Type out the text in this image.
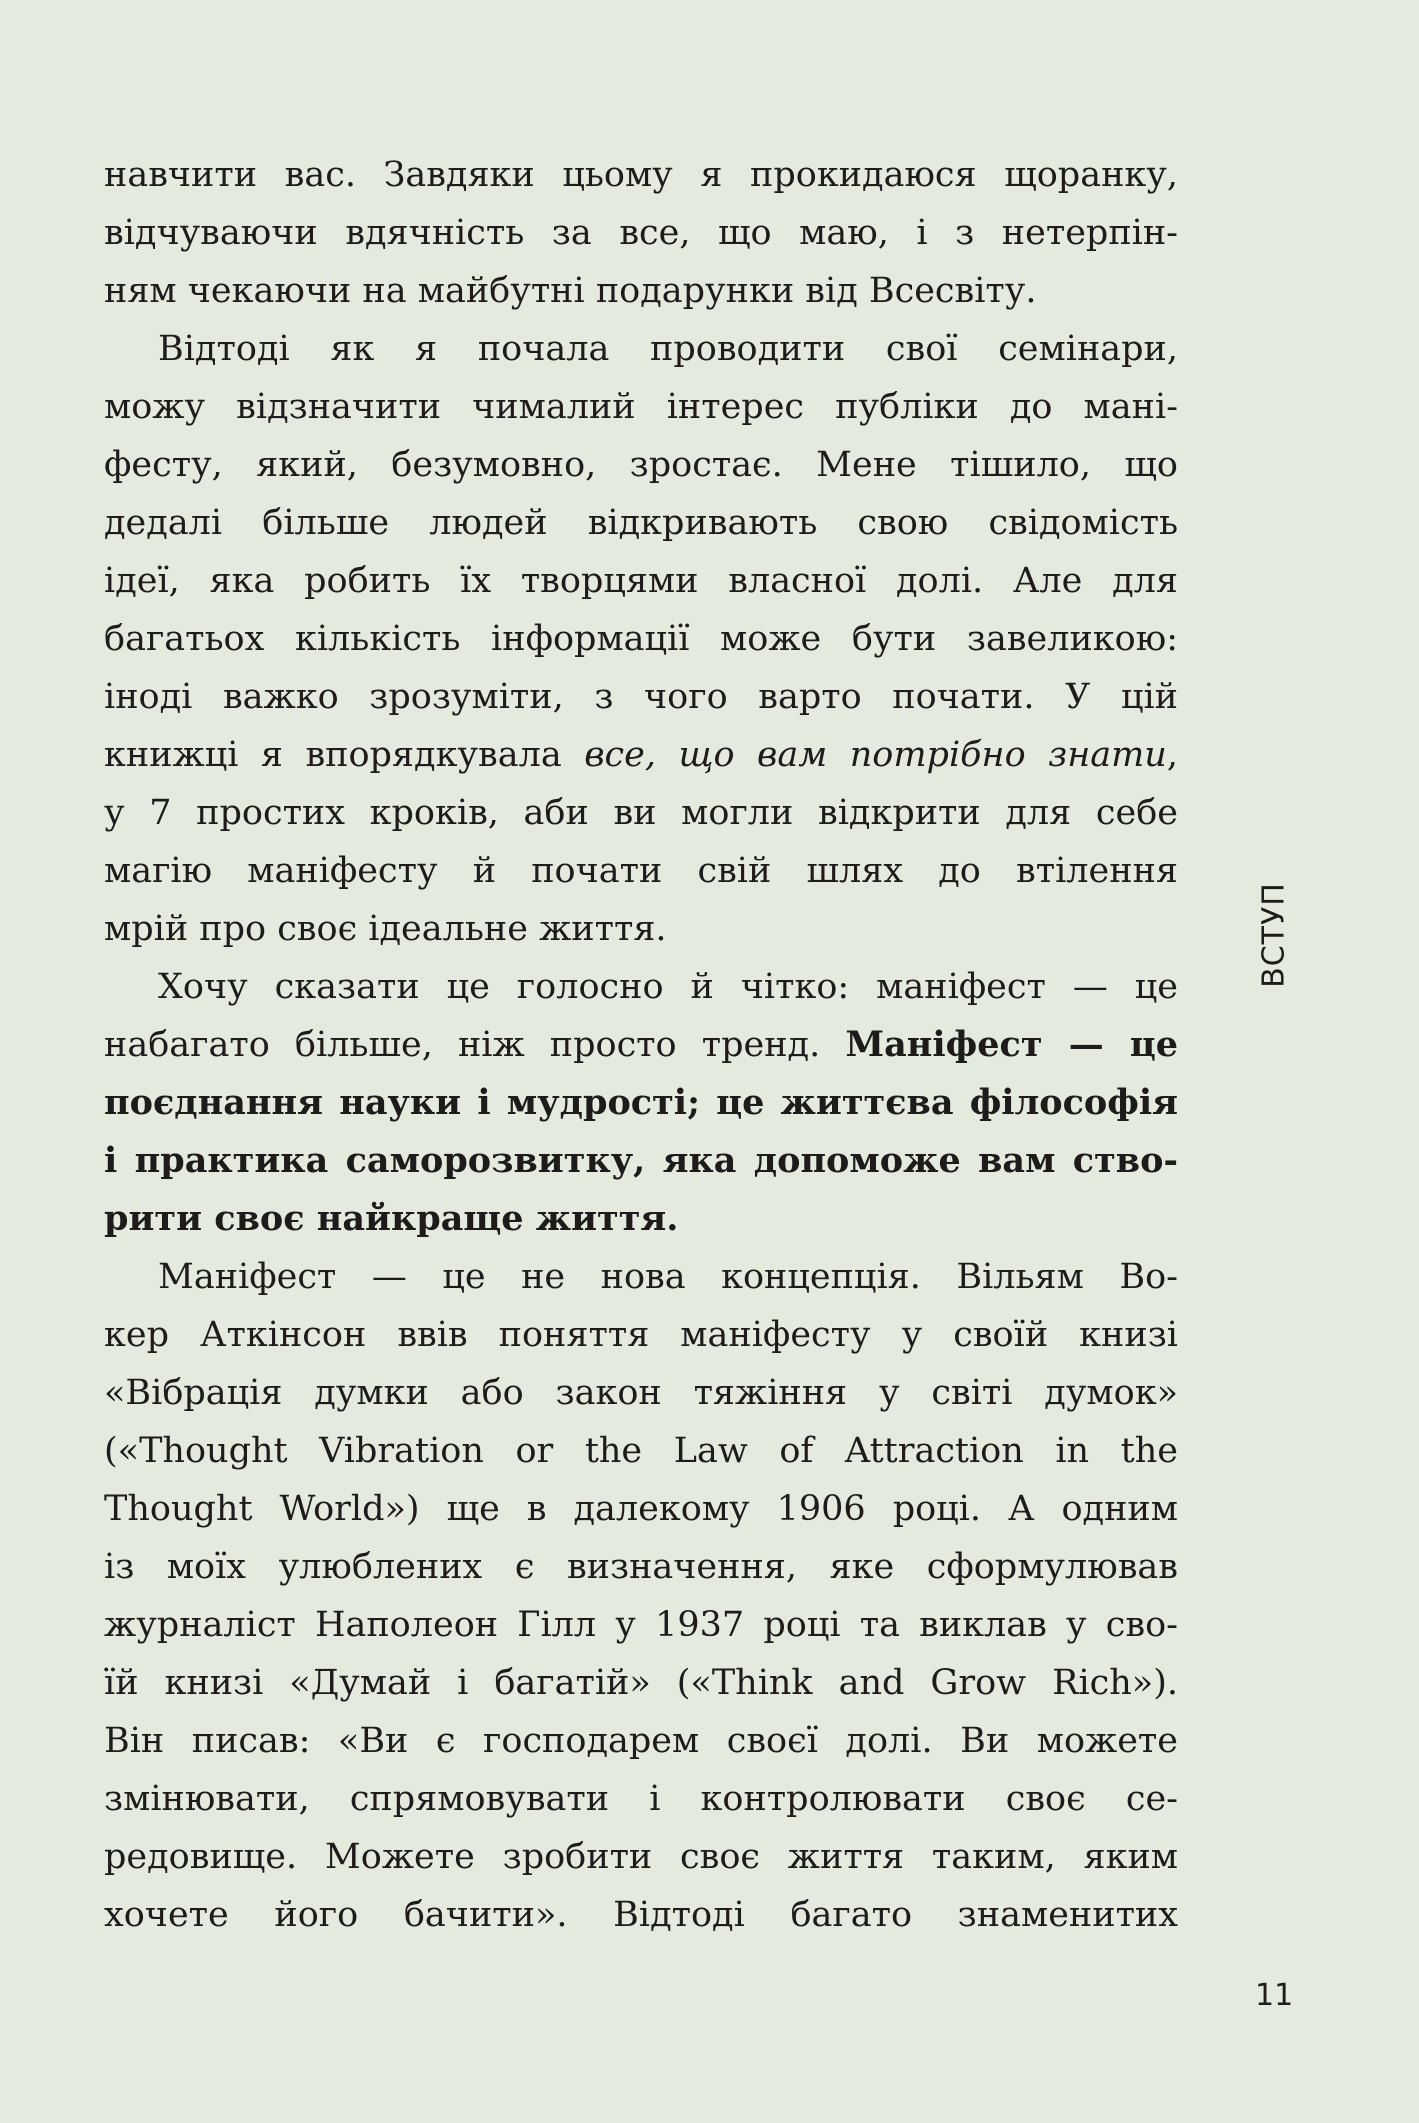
навчити вас. Завдяки цьому я прокидаюся щоранку,
відчуваючи вдячність за все, що маю, і з нетерпін-
ням чекаючи на майбутні подарунки від Всесвіту.
Відтоді як я почала проводити свої семінари,
можу відзначити чималий інтерес публіки до мані-
фесту, який, безумовно, зростає. Мене тішило, що
дедалі більше людей відкривають свою свідомість
ідеї, яка робить їх творцями власної долі. Але для
багатьох кількість інформації може бути завеликою:
іноді важко зрозуміти, з чого варто почати. У цій
книжці я впорядкувала все, що вам потрібно знати,
у 7 простих кроків, аби ви могли відкрити для себе
магію маніфесту й почати свій шлях до втілення
мрій про своє ідеальне життя.
Хочу сказати це голосно й чітко: маніфест — це
набагато більше, ніж просто тренд. Маніфест — це
поєднання науки і мудрості; це життєва філософія
і практика саморозвитку, яка допоможе вам ство-
рити своє найкраще життя.
Маніфест — це не нова концепція. Вільям Во-
кер Аткінсон ввів поняття маніфесту у своїй книзі
«Вібрація думки або закон тяжіння у світі думок»
(«Thought Vibration or the Law of Attraction in the
Thought World») ще в далекому 1906 році. А одним
із моїх улюблених є визначення, яке сформулював
журналіст Наполеон Гілл у 1937 році та виклав у сво-
їй книзі «Думай і багатій» («Think and Grow Rich»).
Він писав: «Ви є господарем своєї долі. Ви можете
змінювати, спрямовувати і контролювати своє се-
редовище. Можете зробити своє життя таким, яким
хочете його бачити». Відтоді багато знаменитих
ВСТУП
11
